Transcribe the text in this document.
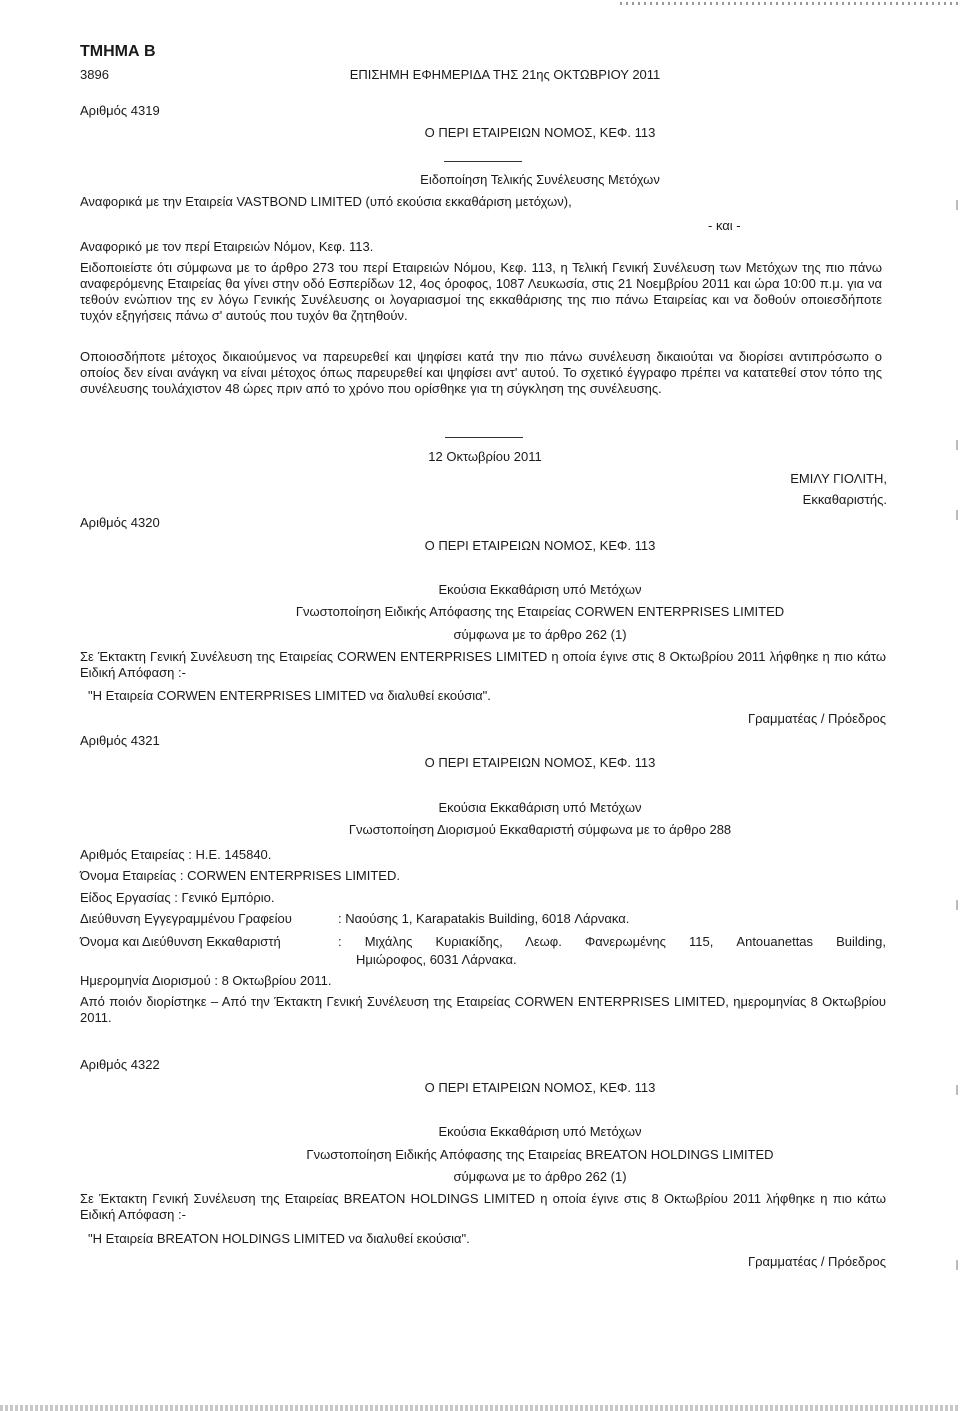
ΤΜΗΜΑ Β
3896	ΕΠΙΣΗΜΗ ΕΦΗΜΕΡΙΔΑ ΤΗΣ 21ης ΟΚΤΩΒΡΙΟΥ 2011
Αριθμός 4319
Ο ΠΕΡΙ ΕΤΑΙΡΕΙΩΝ ΝΟΜΟΣ, ΚΕΦ. 113
Ειδοποίηση Τελικής Συνέλευσης Μετόχων
Αναφορικά με την Εταιρεία VASTBOND LIMITED (υπό εκούσια εκκαθάριση μετόχων),
- και -
Αναφορικό με τον περί Εταιρειών Νόμον, Κεφ. 113.
Ειδοποιείστε ότι σύμφωνα με το άρθρο 273 του περί Εταιρειών Νόμου, Κεφ. 113, η Τελική Γενική Συνέλευση των Μετόχων της πιο πάνω αναφερόμενης Εταιρείας θα γίνει στην οδό Εσπερίδων 12, 4ος όροφος, 1087 Λευκωσία, στις 21 Νοεμβρίου 2011 και ώρα 10:00 π.μ. για να τεθούν ενώπιον της εν λόγω Γενικής Συνέλευσης οι λογαριασμοί της εκκαθάρισης της πιο πάνω Εταιρείας και να δοθούν οποιεσδήποτε τυχόν εξηγήσεις πάνω σ' αυτούς που τυχόν θα ζητηθούν.
Οποιοσδήποτε μέτοχος δικαιούμενος να παρευρεθεί και ψηφίσει κατά την πιο πάνω συνέλευση δικαιούται να διορίσει αντιπρόσωπο ο οποίος δεν είναι ανάγκη να είναι μέτοχος όπως παρευρεθεί και ψηφίσει αντ' αυτού. Το σχετικό έγγραφο πρέπει να κατατεθεί στον τόπο της συνέλευσης τουλάχιστον 48 ώρες πριν από το χρόνο που ορίσθηκε για τη σύγκληση της συνέλευσης.
12 Οκτωβρίου 2011
ΕΜΙΛΥ ΓΙΟΛΙΤΗ,
Εκκαθαριστής.
Αριθμός 4320
Ο ΠΕΡΙ ΕΤΑΙΡΕΙΩΝ ΝΟΜΟΣ, ΚΕΦ. 113
Εκούσια Εκκαθάριση υπό Μετόχων
Γνωστοποίηση Ειδικής Απόφασης της Εταιρείας CORWEN ENTERPRISES LIMITED
σύμφωνα με το άρθρο 262 (1)
Σε Έκτακτη Γενική Συνέλευση της Εταιρείας CORWEN ENTERPRISES LIMITED η οποία έγινε στις 8 Οκτωβρίου 2011 λήφθηκε η πιο κάτω Ειδική Απόφαση :-
"Η Εταιρεία CORWEN ENTERPRISES LIMITED να διαλυθεί εκούσια".
Γραμματέας / Πρόεδρος
Αριθμός 4321
Ο ΠΕΡΙ ΕΤΑΙΡΕΙΩΝ ΝΟΜΟΣ, ΚΕΦ. 113
Εκούσια Εκκαθάριση υπό Μετόχων
Γνωστοποίηση Διορισμού Εκκαθαριστή σύμφωνα με το άρθρο 288
Αριθμός Εταιρείας : Η.Ε. 145840.
Όνομα Εταιρείας : CORWEN ENTERPRISES LIMITED.
Είδος Εργασίας : Γενικό Εμπόριο.
Διεύθυνση Εγγεγραμμένου Γραφείου	: Ναούσης 1, Karapatakis Building, 6018 Λάρνακα.
Όνομα και Διεύθυνση Εκκαθαριστή	: Μιχάλης Κυριακίδης, Λεωφ. Φανερωμένης 115, Antouanettas Building,
Ημιώροφος, 6031 Λάρνακα.
Ημερομηνία Διορισμού : 8 Οκτωβρίου 2011.
Από ποιόν διορίστηκε – Από την Έκτακτη Γενική Συνέλευση της Εταιρείας CORWEN ENTERPRISES LIMITED, ημερομηνίας 8 Οκτωβρίου 2011.
Αριθμός 4322
Ο ΠΕΡΙ ΕΤΑΙΡΕΙΩΝ ΝΟΜΟΣ, ΚΕΦ. 113
Εκούσια Εκκαθάριση υπό Μετόχων
Γνωστοποίηση Ειδικής Απόφασης της Εταιρείας BREATON HOLDINGS LIMITED
σύμφωνα με το άρθρο 262 (1)
Σε Έκτακτη Γενική Συνέλευση της Εταιρείας BREATON HOLDINGS LIMITED η οποία έγινε στις 8 Οκτωβρίου 2011 λήφθηκε η πιο κάτω Ειδική Απόφαση :-
"Η Εταιρεία BREATON HOLDINGS LIMITED να διαλυθεί εκούσια".
Γραμματέας / Πρόεδρος
